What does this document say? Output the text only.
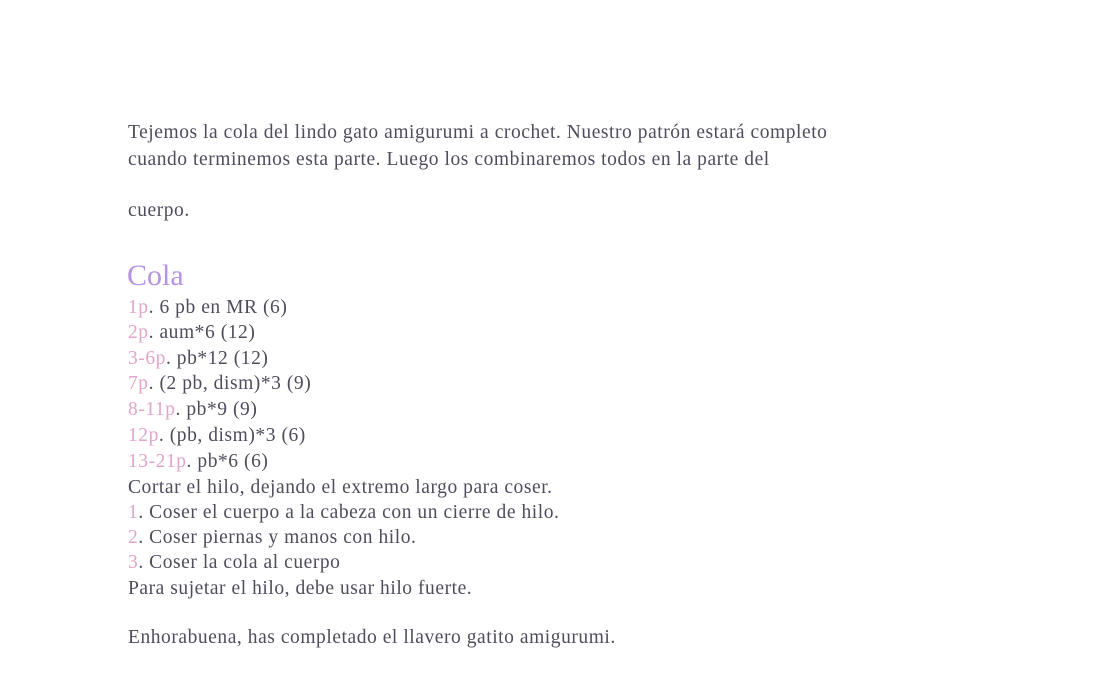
Tejemos la cola del lindo gato amigurumi a crochet. Nuestro patrón estará completo
cuando terminemos esta parte. Luego los combinaremos todos en la parte del
cuerpo.
Cola
1p. 6 pb en MR (6)
2p. aum*6 (12)
3-6p. pb*12 (12)
7p. (2 pb, dism)*3 (9)
8-11p. pb*9 (9)
12p. (pb, dism)*3 (6)
13-21p. pb*6 (6)
Cortar el hilo, dejando el extremo largo para coser.
1. Coser el cuerpo a la cabeza con un cierre de hilo.
2. Coser piernas y manos con hilo.
3. Coser la cola al cuerpo
Para sujetar el hilo, debe usar hilo fuerte.
Enhorabuena, has completado el llavero gatito amigurumi.
